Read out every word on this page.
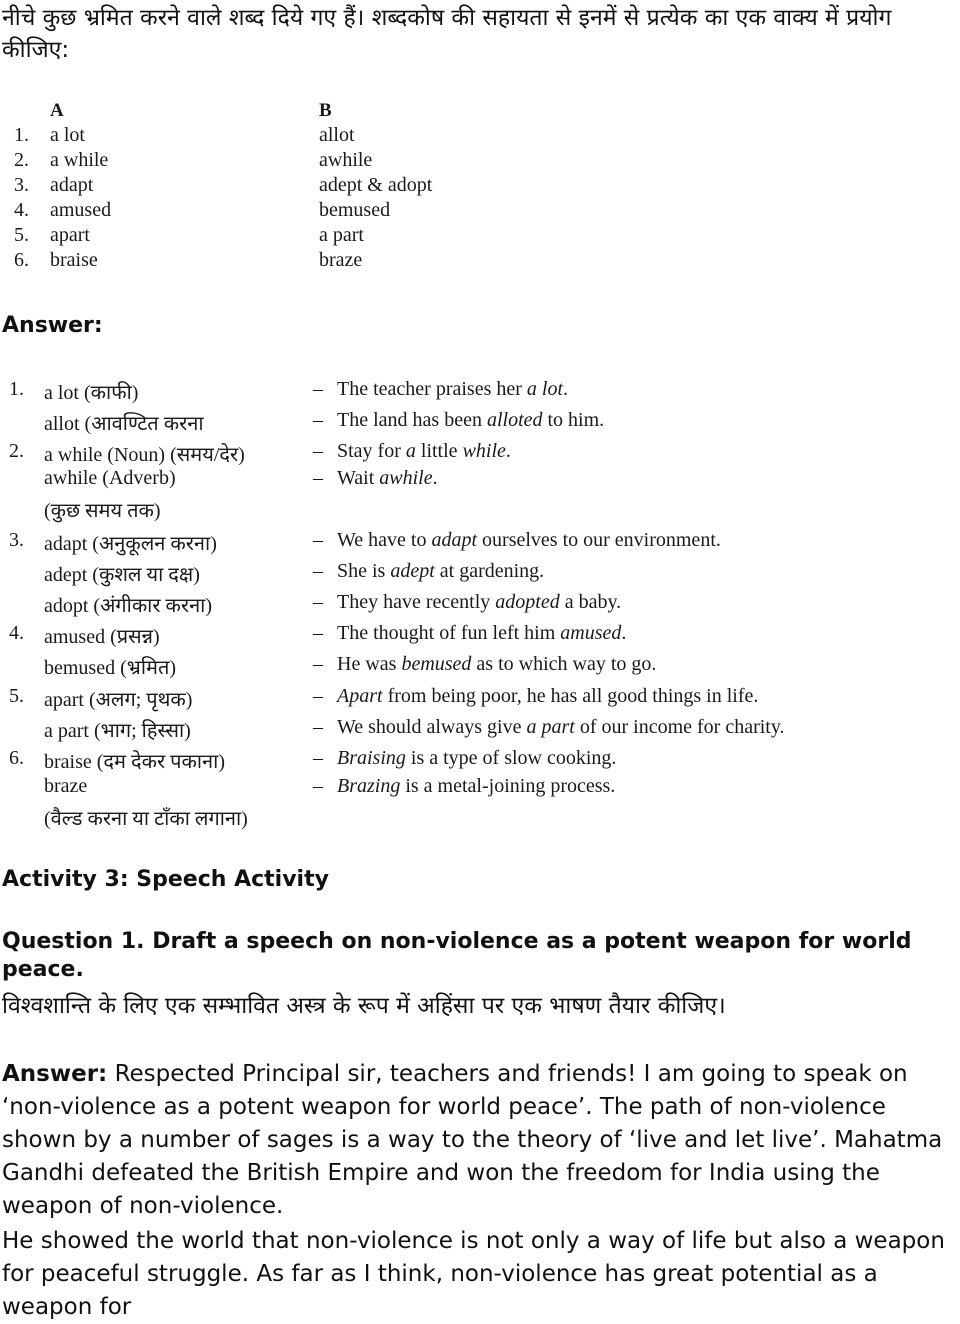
नीचे कुछ भ्रमित करने वाले शब्द दिये गए हैं। शब्दकोष की सहायता से इनमें से प्रत्येक का एक वाक्य में प्रयोग कीजिए:
A	B
1. a lot	allot
2. a while	awhile
3. adapt	adept & adopt
4. amused	bemused
5. apart	a part
6. braise	braze
Answer:
1. a lot (काफी)	– The teacher praises her a lot.
allot (आवण्टित करना	– The land has been alloted to him.
2. a while (Noun) (समय/देर)	– Stay for a little while.
awhile (Adverb)	– Wait awhile.
(कुछ समय तक)
3. adapt (अनुकूलन करना)	– We have to adapt ourselves to our environment.
adept (कुशल या दक्ष)	– She is adept at gardening.
adopt (अंगीकार करना)	– They have recently adopted a baby.
4. amused (प्रसन्न)	– The thought of fun left him amused.
bemused (भ्रमित)	– He was bemused as to which way to go.
5. apart (अलग; पृथक)	– Apart from being poor, he has all good things in life.
a part (भाग; हिस्सा)	– We should always give a part of our income for charity.
6. braise (दम देकर पकाना)	– Braising is a type of slow cooking.
braze	– Brazing is a metal-joining process.
(वैल्ड करना या टाँका लगाना)
Activity 3: Speech Activity
Question 1. Draft a speech on non-violence as a potent weapon for world peace.
विश्वशान्ति के लिए एक सम्भावित अस्त्र के रूप में अहिंसा पर एक भाषण तैयार कीजिए।
Answer: Respected Principal sir, teachers and friends! I am going to speak on ‘non-violence as a potent weapon for world peace’. The path of non-violence shown by a number of sages is a way to the theory of ‘live and let live’. Mahatma Gandhi defeated the British Empire and won the freedom for India using the weapon of non-violence.
He showed the world that non-violence is not only a way of life but also a weapon for peaceful struggle. As far as I think, non-violence has great potential as a weapon for
